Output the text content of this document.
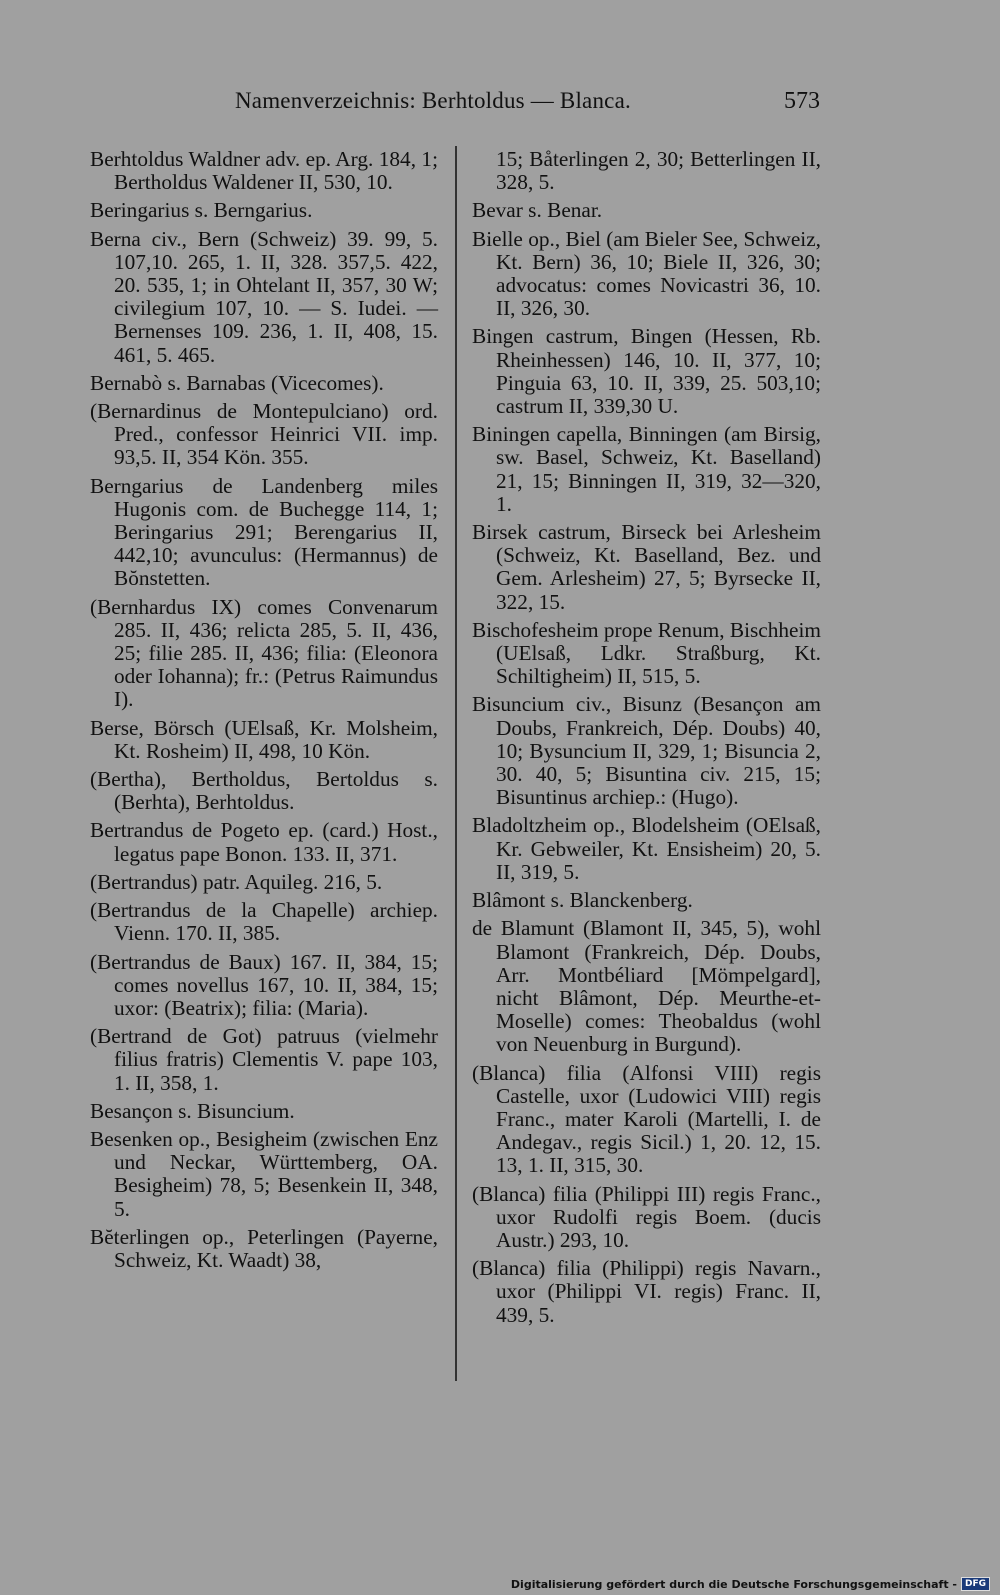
Namenverzeichnis: Berhtoldus — Blanca.	573

Berhtoldus Waldner adv. ep. Arg. 184, 1; Bertholdus Waldener II, 530, 10.

Beringarius s. Berngarius.

Berna civ., Bern (Schweiz) 39. 99, 5. 107,10. 265, 1. II, 328. 357,5. 422, 20. 535, 1; in Ohtelant II, 357, 30 W; civilegium 107, 10. — S. Iudei. — Bernenses 109. 236, 1. II, 408, 15. 461, 5. 465.

Bernabò s. Barnabas (Vicecomes).

(Bernardinus de Montepulciano) ord. Pred., confessor Heinrici VII. imp. 93,5. II, 354 Kön. 355.

Berngarius de Landenberg miles Hugonis com. de Buchegge 114, 1; Beringarius 291; Berengarius II, 442,10; avunculus: (Hermannus) de Bŏnstetten.

(Bernhardus IX) comes Convenarum 285. II, 436; relicta 285, 5. II, 436, 25; filie 285. II, 436; filia: (Eleonora oder Iohanna); fr.: (Petrus Raimundus I).

Berse, Börsch (UElsaß, Kr. Molsheim, Kt. Rosheim) II, 498, 10 Kön.

(Bertha), Bertholdus, Bertoldus s. (Berhta), Berhtoldus.

Bertrandus de Pogeto ep. (card.) Host., legatus pape Bonon. 133. II, 371.

(Bertrandus) patr. Aquileg. 216, 5.

(Bertrandus de la Chapelle) archiep. Vienn. 170. II, 385.

(Bertrandus de Baux) 167. II, 384, 15; comes novellus 167, 10. II, 384, 15; uxor: (Beatrix); filia: (Maria).

(Bertrand de Got) patruus (vielmehr filius fratris) Clementis V. pape 103, 1. II, 358, 1.

Besançon s. Bisuncium.

Besenken op., Besigheim (zwischen Enz und Neckar, Württemberg, OA. Besigheim) 78, 5; Besenkein II, 348, 5.

Bĕterlingen op., Peterlingen (Payerne, Schweiz, Kt. Waadt) 38,

15; Båterlingen 2, 30; Betterlingen II, 328, 5.

Bevar s. Benar.

Bielle op., Biel (am Bieler See, Schweiz, Kt. Bern) 36, 10; Biele II, 326, 30; advocatus: comes Novicastri 36, 10. II, 326, 30.

Bingen castrum, Bingen (Hessen, Rb. Rheinhessen) 146, 10. II, 377, 10; Pinguia 63, 10. II, 339, 25. 503,10; castrum II, 339,30 U.

Biningen capella, Binningen (am Birsig, sw. Basel, Schweiz, Kt. Baselland) 21, 15; Binningen II, 319, 32—320, 1.

Birsek castrum, Birseck bei Arlesheim (Schweiz, Kt. Baselland, Bez. und Gem. Arlesheim) 27, 5; Byrsecke II, 322, 15.

Bischofesheim prope Renum, Bischheim (UElsaß, Ldkr. Straßburg, Kt. Schiltigheim) II, 515, 5.

Bisuncium civ., Bisunz (Besançon am Doubs, Frankreich, Dép. Doubs) 40, 10; Bysuncium II, 329, 1; Bisuncia 2, 30. 40, 5; Bisuntina civ. 215, 15; Bisuntinus archiep.: (Hugo).

Bladoltzheim op., Blodelsheim (OElsaß, Kr. Gebweiler, Kt. Ensisheim) 20, 5. II, 319, 5.

Blâmont s. Blanckenberg.

de Blamunt (Blamont II, 345, 5), wohl Blamont (Frankreich, Dép. Doubs, Arr. Montbéliard [Mömpelgard], nicht Blâmont, Dép. Meurthe-et-Moselle) comes: Theobaldus (wohl von Neuenburg in Burgund).

(Blanca) filia (Alfonsi VIII) regis Castelle, uxor (Ludowici VIII) regis Franc., mater Karoli (Martelli, I. de Andegav., regis Sicil.) 1, 20. 12, 15. 13, 1. II, 315, 30.

(Blanca) filia (Philippi III) regis Franc., uxor Rudolfi regis Boem. (ducis Austr.) 293, 10.

(Blanca) filia (Philippi) regis Navarn., uxor (Philippi VI. regis) Franc. II, 439, 5.

Digitalisierung gefördert durch die Deutsche Forschungsgemeinschaft - DFG
